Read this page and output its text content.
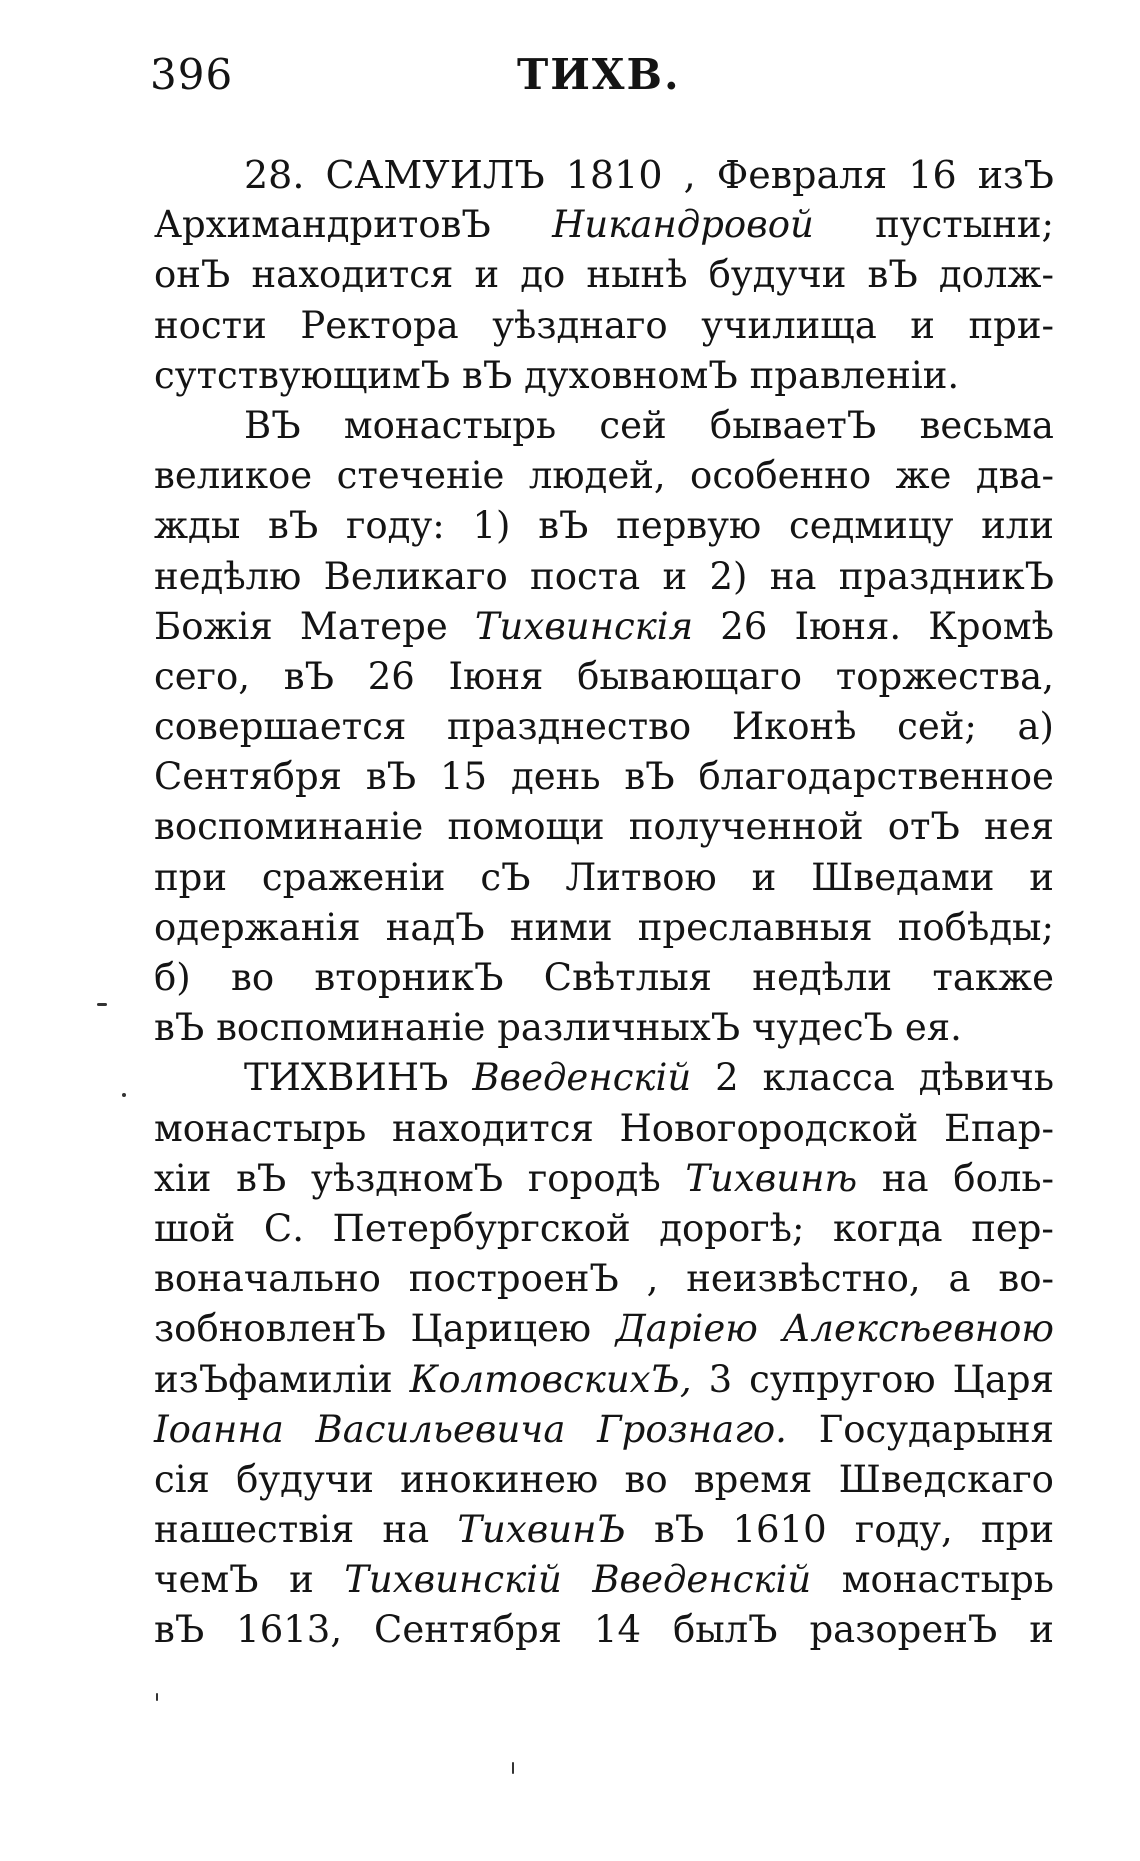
396	ТИХВ.
28. САМУИЛЪ 1810 , Февраля 16 изЪ
АрхимандритовЪ Никандровой пустыни;
онЪ находится и до нынѣ будучи вЪ долж-
ности Ректора уѣзднаго училища и при-
сутствующимЪ вЪ духовномЪ правленiи.
ВЪ монастырь сей бываетЪ весьма
великое стеченiе людей, особенно же два-
жды вЪ году: 1) вЪ первую седмицу или
недѣлю Великаго поста и 2) на праздникЪ
Божiя Матере Тихвинскiя 26 Iюня. Кромѣ
сего, вЪ 26 Iюня бывающаго торжества,
совершается празднество Иконѣ сей; а)
Сентября вЪ 15 день вЪ благодарственное
воспоминанiе помощи полученной отЪ нея
при сраженiи сЪ Литвою и Шведами и
одержанiя надЪ ними преславныя побѣды;
б) во вторникЪ Свѣтлыя недѣли также
вЪ воспоминанiе различныхЪ чудесЪ ея.
ТИХВИНЪ Введенскiй 2 класса дѣвичь
монастырь находится Новогородской Епар-
хiи вЪ уѣздномЪ городѣ Тихвинѣ на боль-
шой С. Петербургской дорогѣ; когда пер-
воначально построенЪ , неизвѣстно, а во-
зобновленЪ Царицею Дарiею Алексѣевною
изЪфамилiи КолтовскихЪ, 3 супругою Царя
Iоанна Васильевича Грознаго. Государыня
сiя будучи инокинею во время Шведскаго
нашествiя на ТихвинЪ вЪ 1610 году, при
чемЪ и Тихвинскiй Введенскiй монастырь
вЪ 1613, Сентября 14 былЪ разоренЪ и
